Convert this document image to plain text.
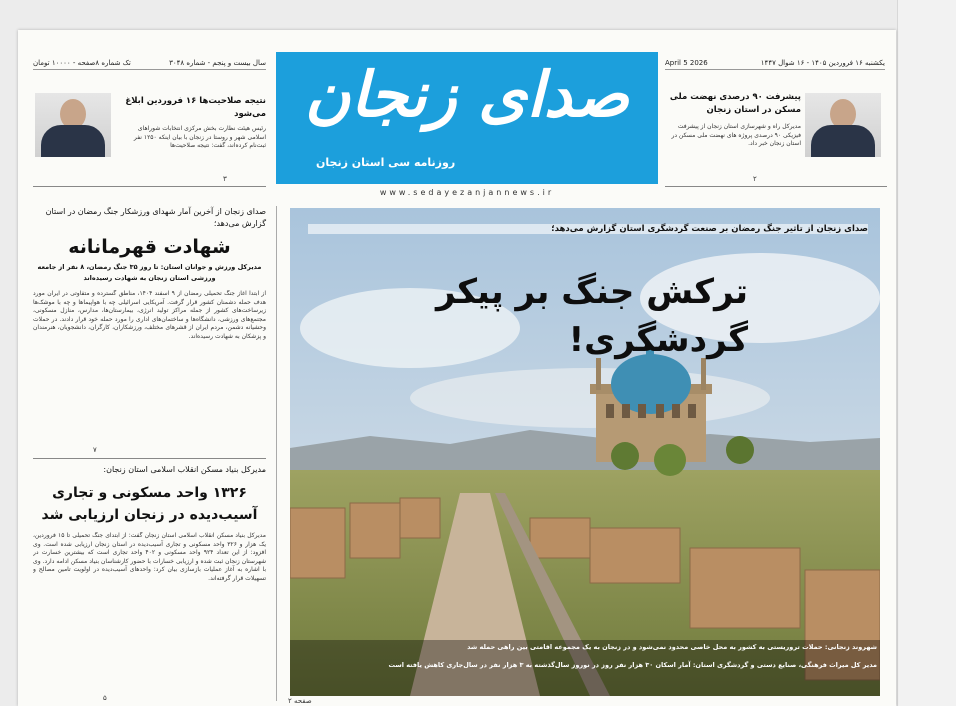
سال بیست و پنجم - شماره ۳۰۴۸
تک شماره ۸صفحه - ۱۰۰۰۰ تومان	یکشنبه ۱۶ فروردین ۱۴۰۵ - ۱۶ شوال ۱۴۴۷
April 5 2026
صدای زنجان
روزنامه سی استان زنجان
www.sedayezanjannews.ir
پیشرفت ۹۰ درصدی نهضت ملی مسکن در استان زنجان
مدیرکل راه و شهرسازی استان زنجان از پیشرفت فیزیکی ۹۰ درصدی پروژه های نهضت ملی مسکن در استان زنجان خبر داد.
۲
نتیجه صلاحیت‌ها ۱۶ فروردین ابلاغ می‌شود
رئیس هیئت نظارت بخش مرکزی انتخابات شوراهای اسلامی شهر و روستا در زنجان با بیان اینکه ۱۲۵۰ نفر ثبت‌نام کرده‌اند، گفت: نتیجه صلاحیت‌ها
۳
صدای زنجان از آخرین آمار شهدای ورزشکار جنگ رمضان در استان گزارش می‌دهد؛
شهادت قهرمانانه
مدیرکل ورزش و جوانان استان: تا روز ۳۵ جنگ رمضان، ۸ نفر از جامعه ورزشی استان زنجان به شهادت رسیده‌اند
از ابتدا آغاز جنگ تحمیلی رمضان از ۹ اسفند ۱۴۰۴، مناطق گسترده و متفاوتی در ایران مورد هدف حمله دشمنان کشور قرار گرفت. آمریکایی اسرائیلی چه با هواپیماها و چه با موشک‌ها زیرساخت‌های کشور از جمله مراکز تولید انرژی، بیمارستان‌ها، مدارس، منازل مسکونی، مجتمع‌های ورزشی، دانشگاه‌ها و ساختمان‌های اداری را مورد حمله خود قرار دادند. در حملات وحشیانه دشمن، مردم ایران از قشرهای مختلف، ورزشکاران، کارگران، دانشجویان، هنرمندان و پزشکان به شهادت رسیده‌اند.
۷
مدیرکل بنیاد مسکن انقلاب اسلامی استان زنجان:
۱۳۲۶ واحد مسکونی و تجاری آسیب‌دیده در زنجان ارزیابی شد
مدیرکل بنیاد مسکن انقلاب اسلامی استان زنجان گفت: از ابتدای جنگ تحمیلی تا ۱۵ فروردین، یک هزار و ۳۲۶ واحد مسکونی و تجاری آسیب‌دیده در استان زنجان ارزیابی شده است. وی افزود: از این تعداد ۹۲۴ واحد مسکونی و ۴۰۲ واحد تجاری است که بیشترین خسارت در شهرستان زنجان ثبت شده و ارزیابی خسارات با حضور کارشناسان بنیاد مسکن ادامه دارد. وی با اشاره به آغاز عملیات بازسازی بیان کرد: واحدهای آسیب‌دیده در اولویت تامین مصالح و تسهیلات قرار گرفته‌اند.
۵
صدای زنجان از تاثیر جنگ رمضان بر صنعت گردشگری استان گزارش می‌دهد؛
ترکش جنگ بر پیکر گردشگری!
شهروند زنجانی: حملات تروریستی به کشور به محل خاصی محدود نمی‌شود و در زنجان به یک مجموعه اقامتی بین راهی حمله شد
مدیر کل میراث فرهنگی، صنایع دستی و گردشگری استان: آمار اسکان ۳۰ هزار نفر روز در نوروز سال‌گذشته به ۳ هزار نفر در سال‌جاری کاهش یافته است
صفحه ۲
